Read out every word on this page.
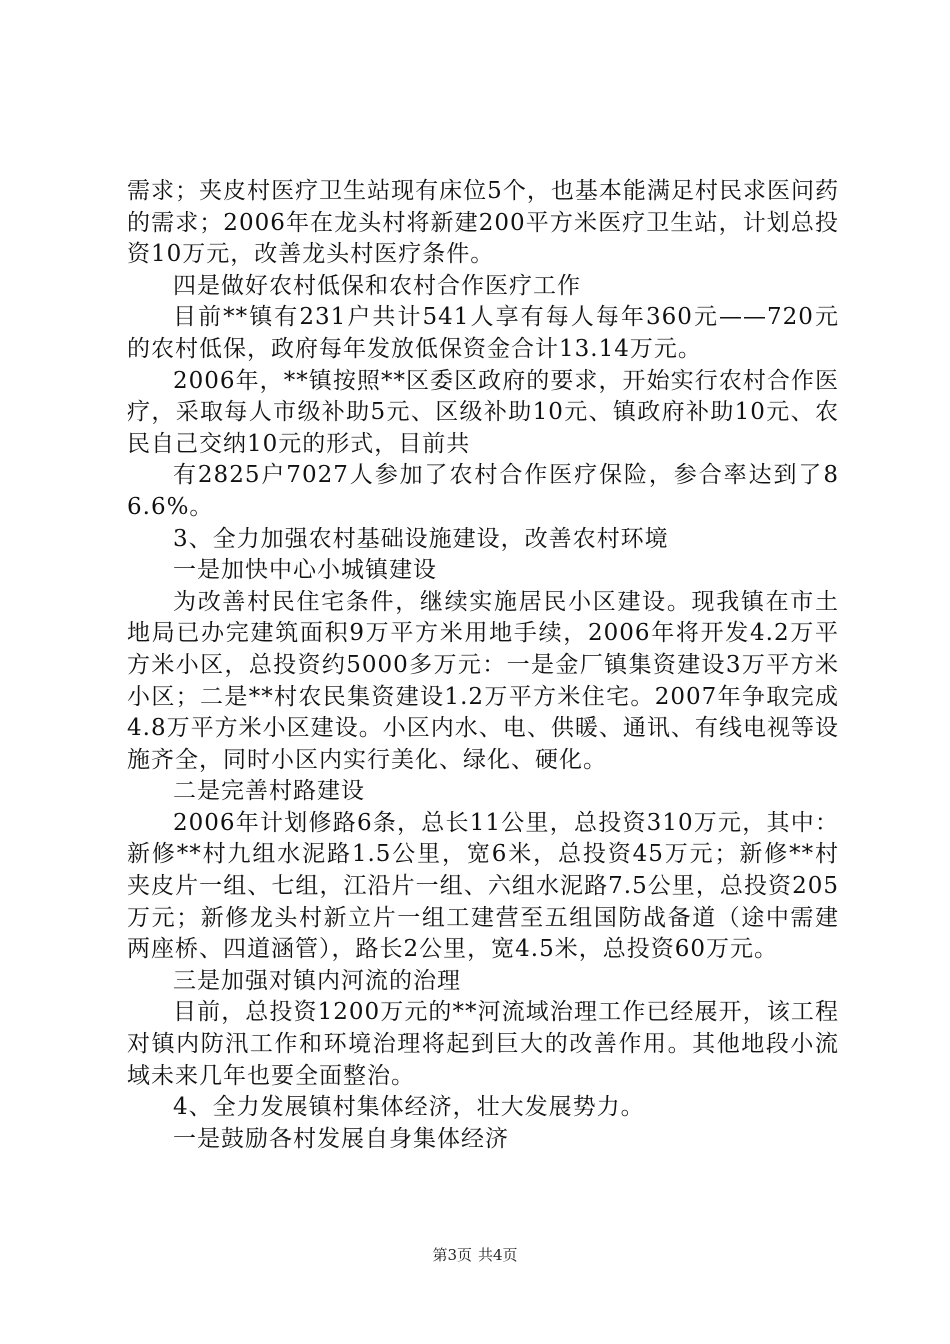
需求；夹皮村医疗卫生站现有床位5个，也基本能满足村民求医问药的需求；2006年在龙头村将新建200平方米医疗卫生站，计划总投资10万元，改善龙头村医疗条件。

四是做好农村低保和农村合作医疗工作

目前**镇有231户共计541人享有每人每年360元——720元的农村低保，政府每年发放低保资金合计13.14万元。

2006年，**镇按照**区委区政府的要求，开始实行农村合作医疗，采取每人市级补助5元、区级补助10元、镇政府补助10元、农民自己交纳10元的形式，目前共

有2825户7027人参加了农村合作医疗保险，参合率达到了86.6%。

3、全力加强农村基础设施建设，改善农村环境

一是加快中心小城镇建设

为改善村民住宅条件，继续实施居民小区建设。现我镇在市土地局已办完建筑面积9万平方米用地手续，2006年将开发4.2万平方米小区，总投资约5000多万元：一是金厂镇集资建设3万平方米小区；二是**村农民集资建设1.2万平方米住宅。2007年争取完成4.8万平方米小区建设。小区内水、电、供暖、通讯、有线电视等设施齐全，同时小区内实行美化、绿化、硬化。

二是完善村路建设

2006年计划修路6条，总长11公里，总投资310万元，其中：新修**村九组水泥路1.5公里，宽6米，总投资45万元；新修**村夹皮片一组、七组，江沿片一组、六组水泥路7.5公里，总投资205万元；新修龙头村新立片一组工建营至五组国防战备道（途中需建两座桥、四道涵管），路长2公里，宽4.5米，总投资60万元。

三是加强对镇内河流的治理

目前，总投资1200万元的**河流域治理工作已经展开，该工程对镇内防汛工作和环境治理将起到巨大的改善作用。其他地段小流域未来几年也要全面整治。

4、全力发展镇村集体经济，壮大发展势力。

一是鼓励各村发展自身集体经济

第3页 共4页
